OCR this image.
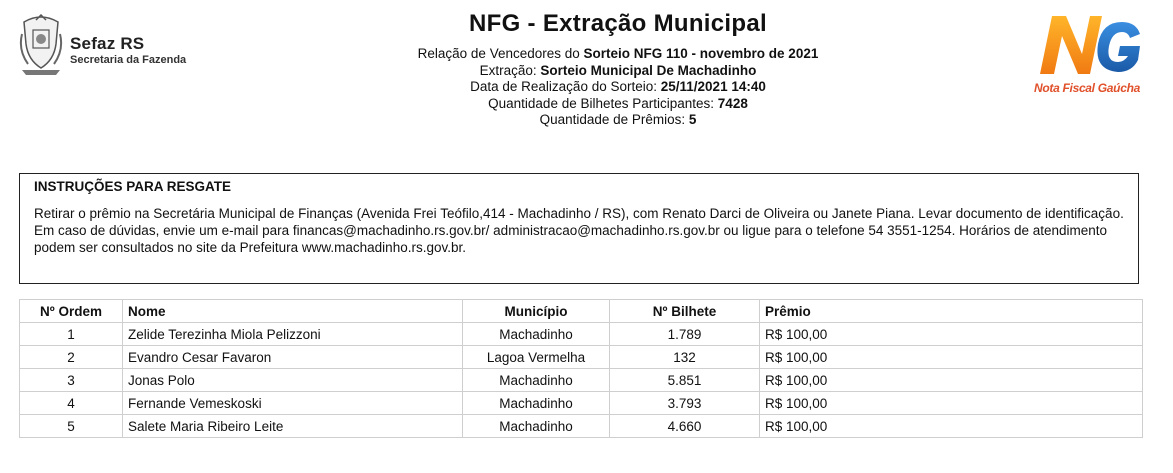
Sefaz RS
Secretaria da Fazenda
Nota Fiscal Gaúcha
NFG - Extração Municipal
Relação de Vencedores do Sorteio NFG 110 - novembro de 2021
Extração: Sorteio Municipal De Machadinho
Data de Realização do Sorteio: 25/11/2021 14:40
Quantidade de Bilhetes Participantes: 7428
Quantidade de Prêmios: 5
INSTRUÇÕES PARA RESGATE
Retirar o prêmio na Secretária Municipal de Finanças (Avenida Frei Teófilo,414 - Machadinho / RS), com Renato Darci de Oliveira ou Janete Piana. Levar documento de identificação. Em caso de dúvidas, envie um e-mail para financas@machadinho.rs.gov.br/ administracao@machadinho.rs.gov.br ou ligue para o telefone 54 3551-1254. Horários de atendimento podem ser consultados no site da Prefeitura www.machadinho.rs.gov.br.
Nº Ordem	Nome	Município	Nº Bilhete	Prêmio
1	Zelide Terezinha Miola Pelizzoni	Machadinho	1.789	R$ 100,00
2	Evandro Cesar Favaron	Lagoa Vermelha	132	R$ 100,00
3	Jonas Polo	Machadinho	5.851	R$ 100,00
4	Fernande Vemeskoski	Machadinho	3.793	R$ 100,00
5	Salete Maria Ribeiro Leite	Machadinho	4.660	R$ 100,00
